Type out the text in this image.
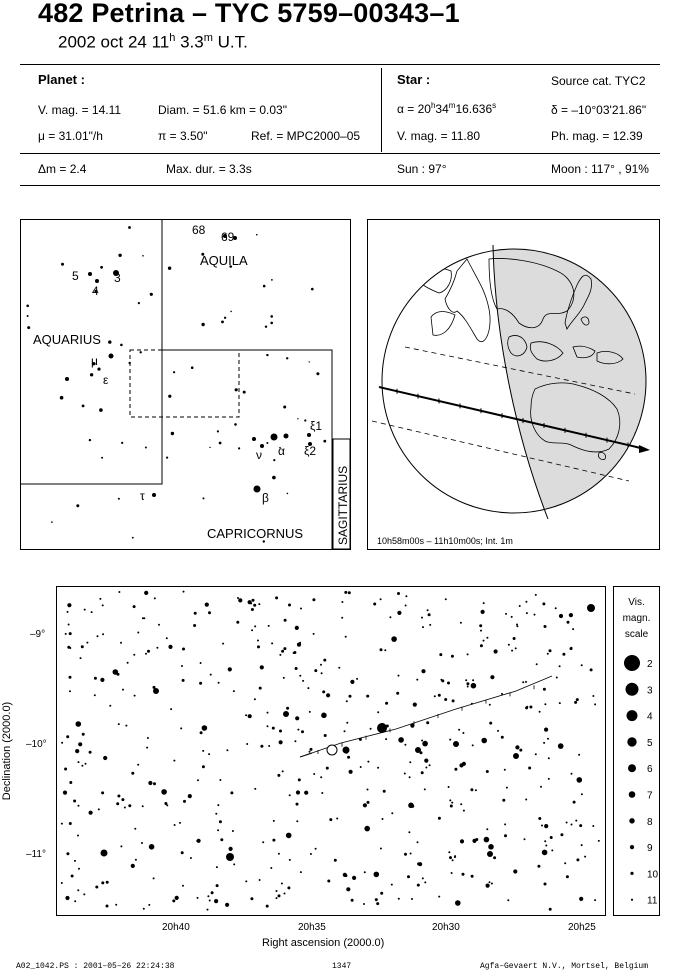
482 Petrina – TYC 5759–00343–1
2002 oct 24 11$^h$ 3.3$^m$ U.T.
Planet :
V. mag. = 14.11	Diam. = 51.6 km = 0.03"
μ = 31.01"/h	π = 3.50"	Ref. = MPC2000–05
Δm = 2.4	Max. dur. = 3.3s
Star :	Source cat. TYC2
$\alpha = 20^h34^m16.636^s$	δ = –10°03'21.86"
V. mag. = 11.80	Ph. mag. = 12.39
Sun : 97°	Moon : 117° , 91%
AQUILA
AQUARIUS
CAPRICORNUS	SAGITTARIUS
68 69
5
4
3
μ
ε
ν α
ξ1
ξ2
τ	β
10h58m00s – 11h10m00s; Int. 1m
–9°
–10°
–11°
Declination (2000.0)
20h40	20h35	20h30	20h25
Right ascension (2000.0)
Vis.
magn.
scale
2
3
4
5
6
7
8
9
10
11
A02_1042.PS : 2001–05–26 22:24:38	1347	Agfa–Gevaert N.V., Mortsel, Belgium
